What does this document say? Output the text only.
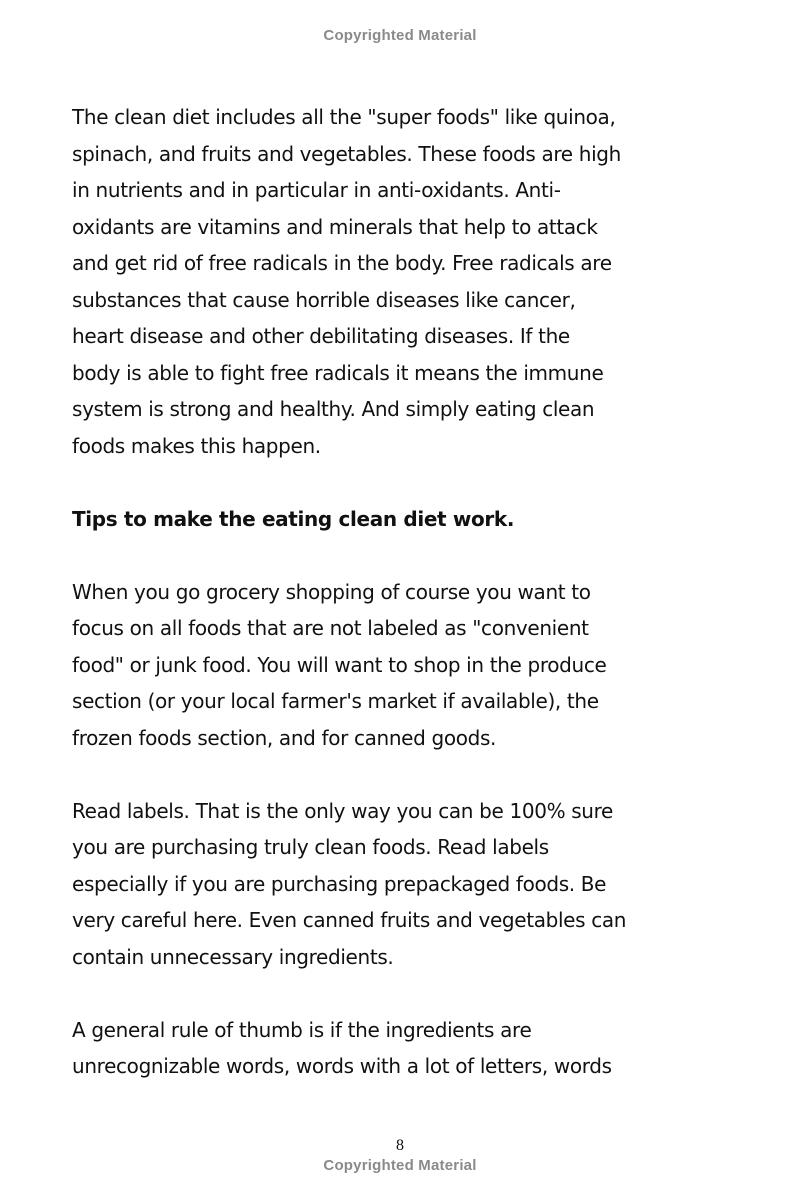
Copyrighted Material

The clean diet includes all the "super foods" like quinoa,
spinach, and fruits and vegetables. These foods are high
in nutrients and in particular in anti-oxidants. Anti-
oxidants are vitamins and minerals that help to attack
and get rid of free radicals in the body. Free radicals are
substances that cause horrible diseases like cancer,
heart disease and other debilitating diseases. If the
body is able to fight free radicals it means the immune
system is strong and healthy. And simply eating clean
foods makes this happen.

Tips to make the eating clean diet work.

When you go grocery shopping of course you want to
focus on all foods that are not labeled as "convenient
food" or junk food. You will want to shop in the produce
section (or your local farmer's market if available), the
frozen foods section, and for canned goods.

Read labels. That is the only way you can be 100% sure
you are purchasing truly clean foods. Read labels
especially if you are purchasing prepackaged foods. Be
very careful here. Even canned fruits and vegetables can
contain unnecessary ingredients.

A general rule of thumb is if the ingredients are
unrecognizable words, words with a lot of letters, words

8
Copyrighted Material
